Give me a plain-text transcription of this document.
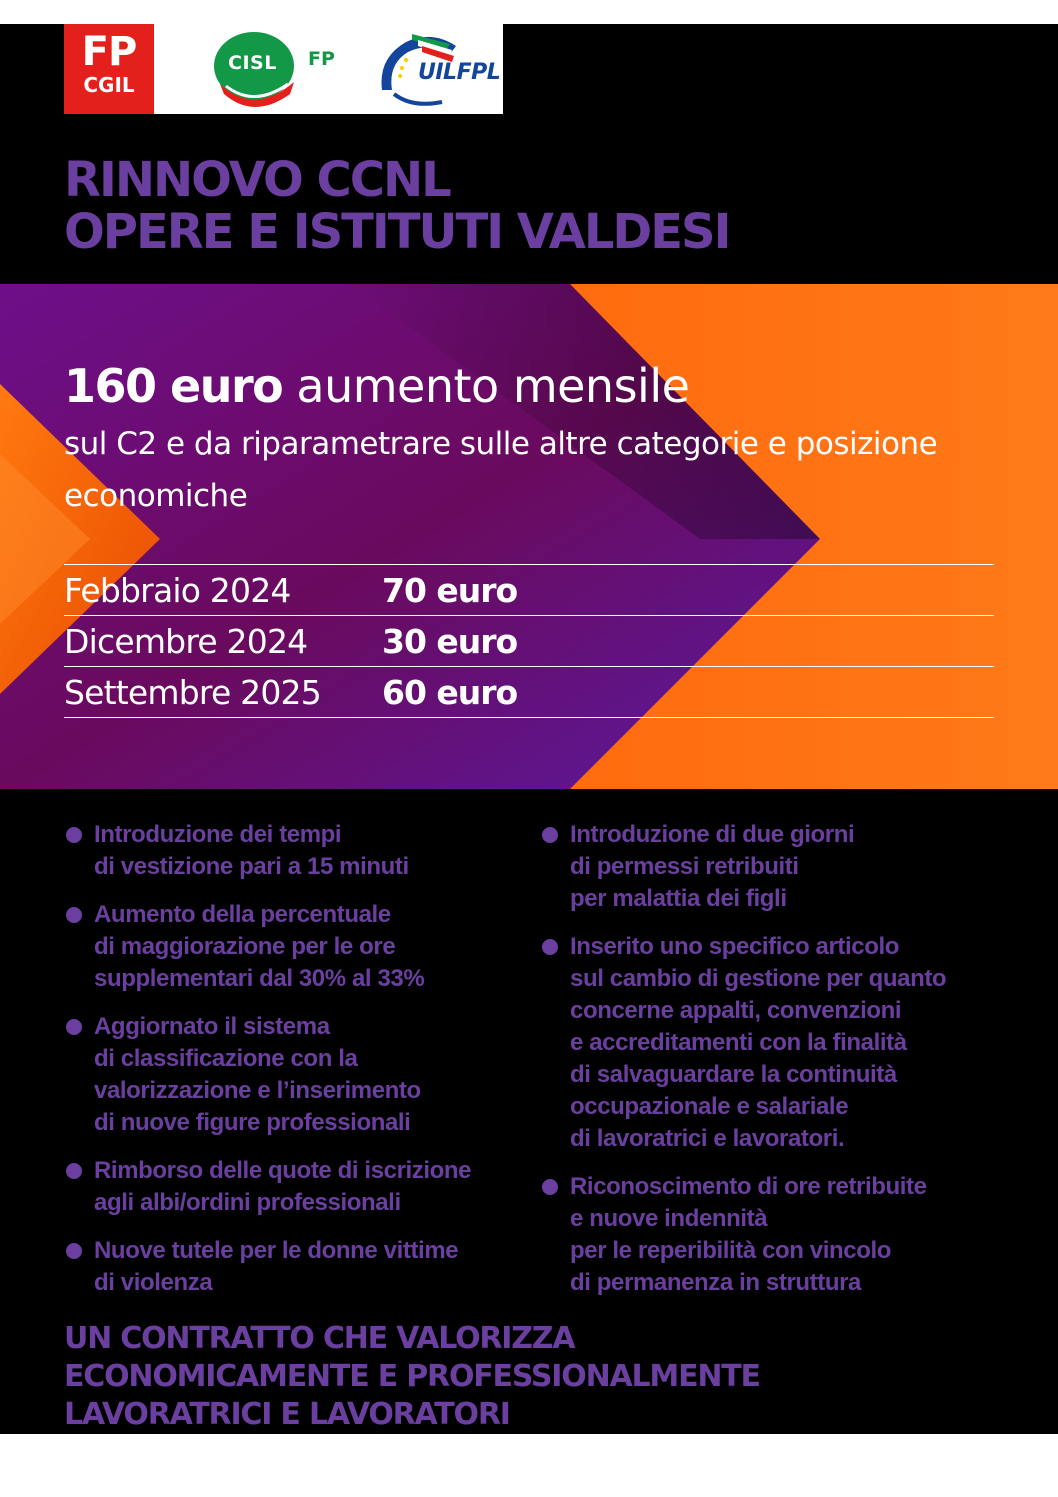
FP
CGIL
CISL FP
UILFPL
RINNOVO CCNL
OPERE E ISTITUTI VALDESI

160 euro aumento mensile

sul C2 e da riparametrare sulle altre categorie e posizione economiche

Febbraio 2024	70 euro
Dicembre 2024 30 euro
Settembre 2025 60 euro
Introduzione dei tempi
di vestizione pari a 15 minuti
Aumento della percentuale
di maggiorazione per le ore
supplementari dal 30% al 33%
Aggiornato il sistema
di classificazione con la
valorizzazione e l’inserimento
di nuove figure professionali
Rimborso delle quote di iscrizione
agli albi/ordini professionali
Nuove tutele per le donne vittime
di violenza
Introduzione di due giorni
di permessi retribuiti
per malattia dei figli
Inserito uno specifico articolo
sul cambio di gestione per quanto
concerne appalti, convenzioni
e accreditamenti con la finalità
di salvaguardare la continuità
occupazionale e salariale
di lavoratrici e lavoratori.
Riconoscimento di ore retribuite
e nuove indennità
per le reperibilità con vincolo
di permanenza in struttura
UN CONTRATTO CHE VALORIZZA
ECONOMICAMENTE E PROFESSIONALMENTE
LAVORATRICI E LAVORATORI
